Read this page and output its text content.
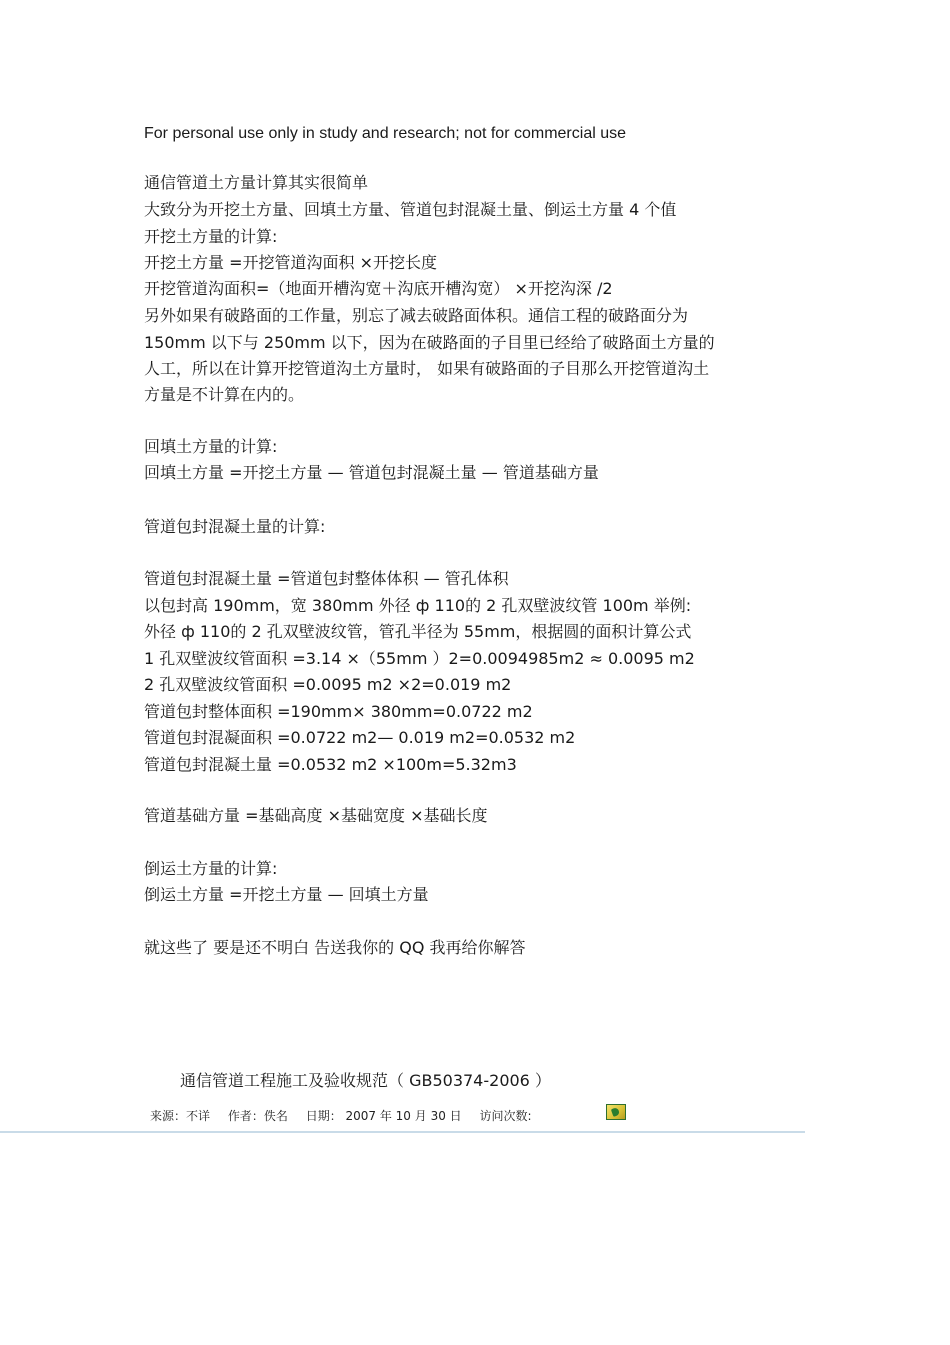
For personal use only in study and research; not for commercial use
通信管道土方量计算其实很简单
大致分为开挖土方量、回填土方量、管道包封混凝土量、倒运土方量 4 个值
开挖土方量的计算:
开挖土方量 =开挖管道沟面积 ×开挖长度
开挖管道沟面积=（地面开槽沟宽＋沟底开槽沟宽） ×开挖沟深 /2
另外如果有破路面的工作量，别忘了减去破路面体积。通信工程的破路面分为
150mm 以下与 250mm 以下，因为在破路面的子目里已经给了破路面土方量的
人工，所以在计算开挖管道沟土方量时， 如果有破路面的子目那么开挖管道沟土
方量是不计算在内的。
回填土方量的计算:
回填土方量 =开挖土方量 — 管道包封混凝土量 — 管道基础方量
管道包封混凝土量的计算:
管道包封混凝土量 =管道包封整体体积 — 管孔体积
以包封高 190mm，宽 380mm 外径 ф 110的 2 孔双壁波纹管 100m 举例:
外径 ф 110的 2 孔双壁波纹管，管孔半径为 55mm，根据圆的面积计算公式
1 孔双壁波纹管面积 =3.14 ×（55mm ）2=0.0094985m2 ≈ 0.0095 m2
2 孔双壁波纹管面积 =0.0095 m2 ×2=0.019 m2
管道包封整体面积 =190mm× 380mm=0.0722 m2
管道包封混凝面积 =0.0722 m2— 0.019 m2=0.0532 m2
管道包封混凝土量 =0.0532 m2 ×100m=5.32m3
管道基础方量 =基础高度 ×基础宽度 ×基础长度
倒运土方量的计算:
倒运土方量 =开挖土方量 — 回填土方量
就这些了 要是还不明白 告送我你的 QQ 我再给你解答
通信管道工程施工及验收规范（ GB50374-2006 ）
来源：不详 作者：佚名 日期： 2007 年 10 月 30 日 访问次数:
